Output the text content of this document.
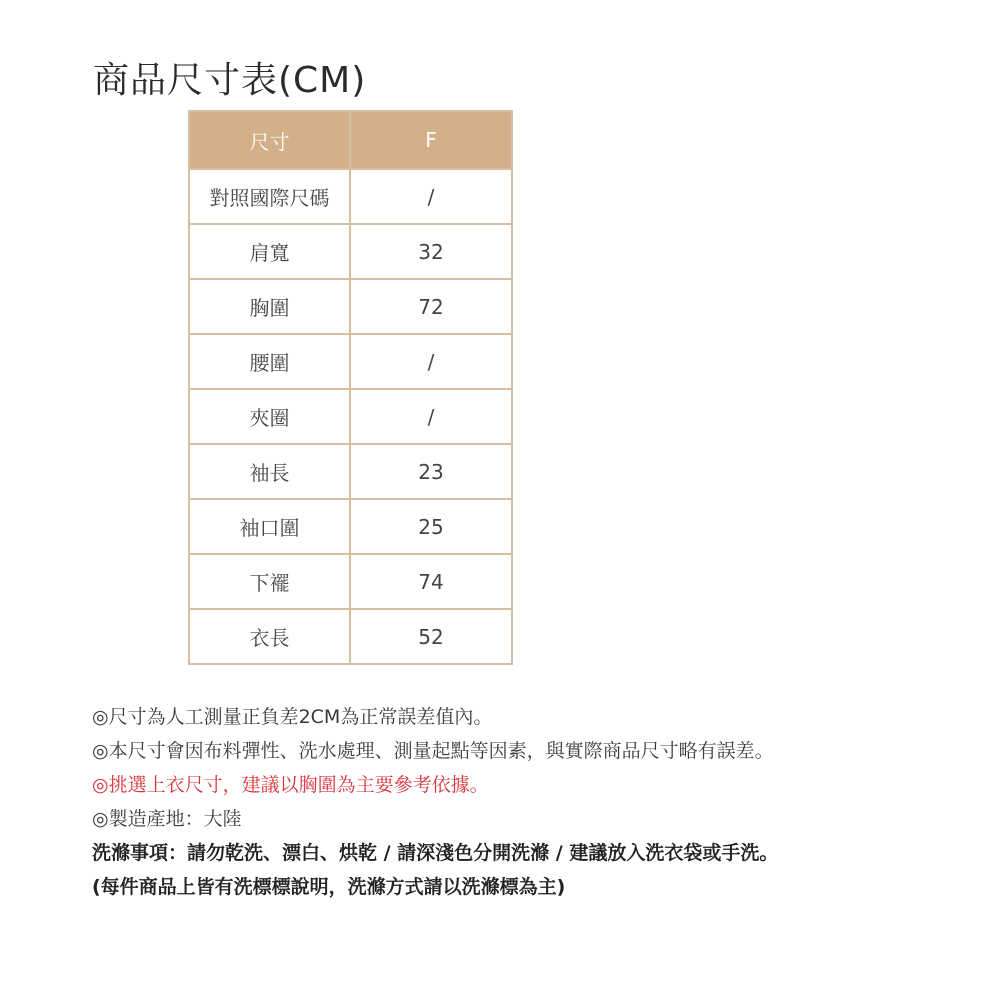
商品尺寸表(CM)
尺寸	F
對照國際尺碼	/
肩寬	32
胸圍	72
腰圍	/
夾圈	/
袖長	23
袖口圍	25
下襬	74
衣長	52
◎尺寸為人工測量正負差2CM為正常誤差值內。
◎本尺寸會因布料彈性、洗水處理、測量起點等因素，與實際商品尺寸略有誤差。
◎挑選上衣尺寸，建議以胸圍為主要參考依據。
◎製造產地：大陸
洗滌事項：請勿乾洗、漂白、烘乾 / 請深淺色分開洗滌 / 建議放入洗衣袋或手洗。
(每件商品上皆有洗標標說明，洗滌方式請以洗滌標為主)
